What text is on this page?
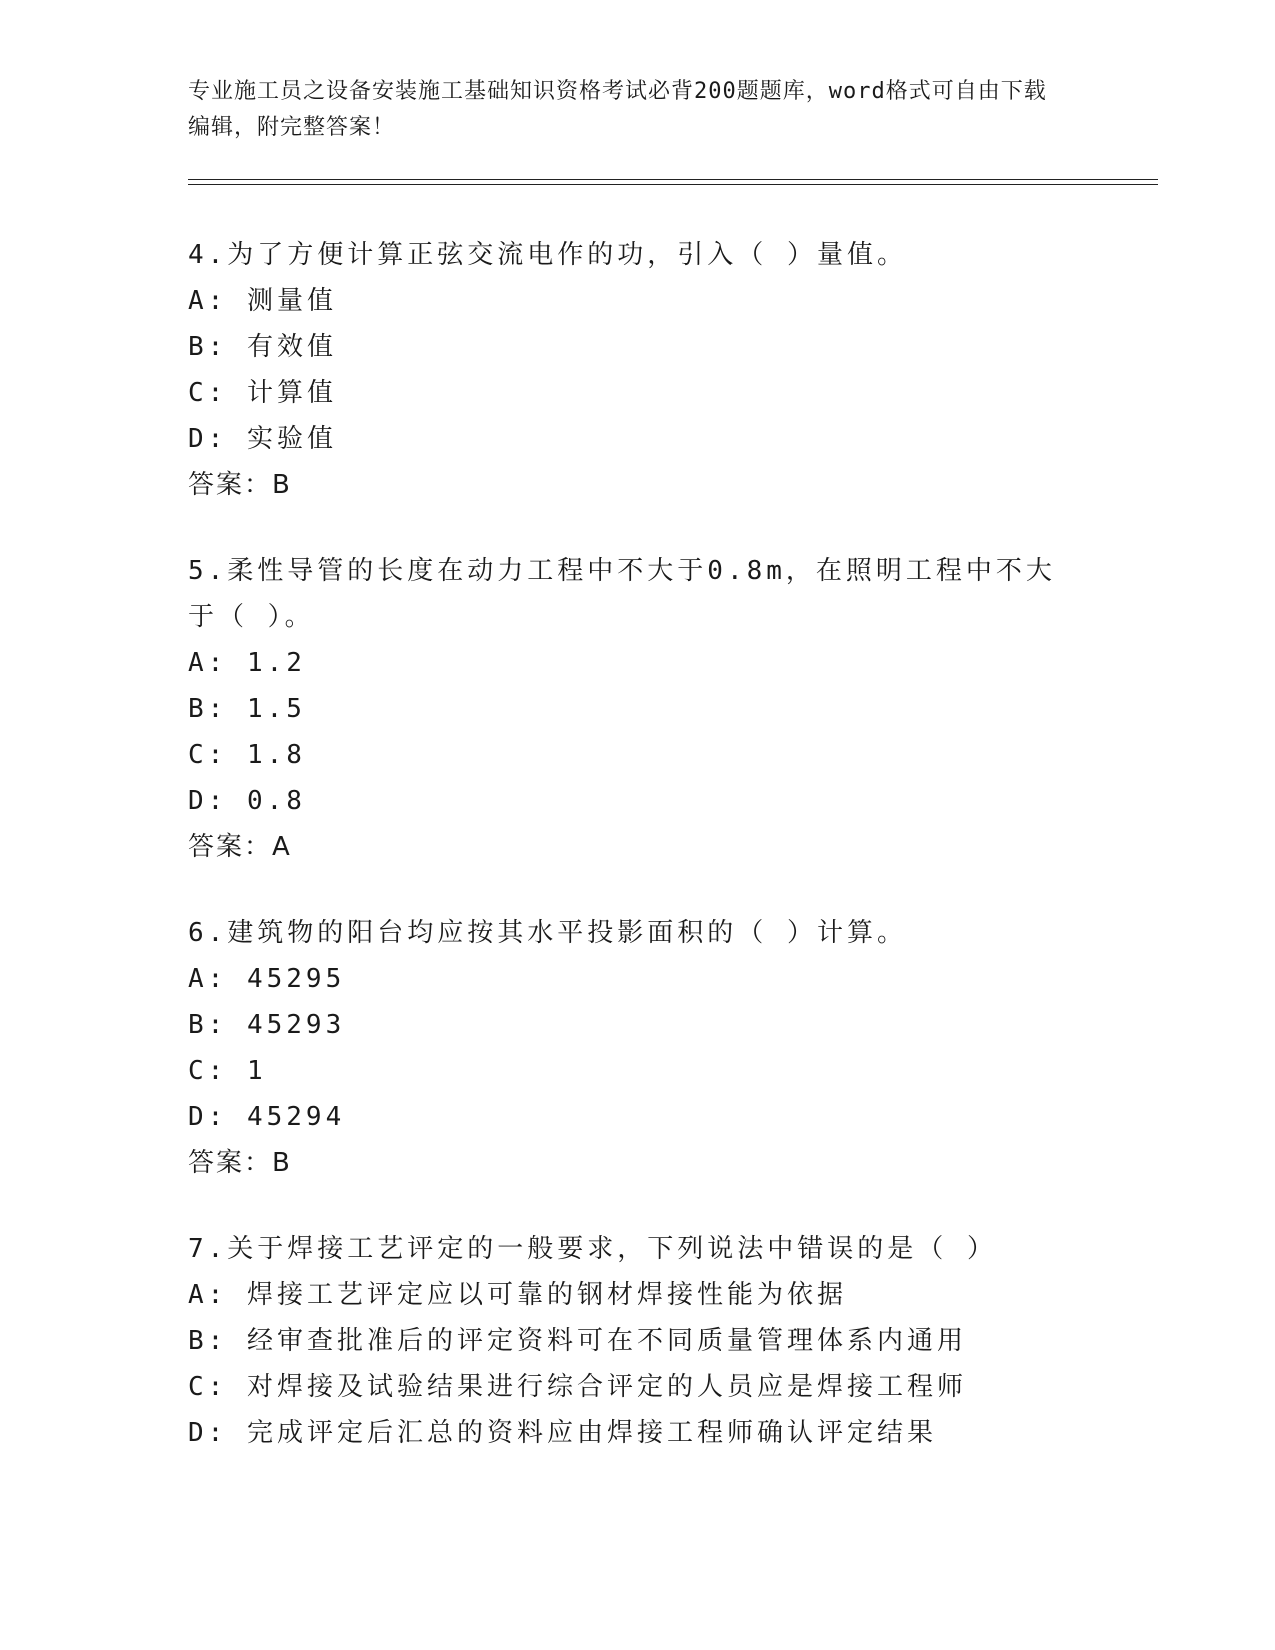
专业施工员之设备安装施工基础知识资格考试必背200题题库，word格式可自由下载编辑，附完整答案！
4.为了方便计算正弦交流电作的功，引入（ ）量值。
A: 测量值
B: 有效值
C: 计算值
D: 实验值
答案：B
5.柔性导管的长度在动力工程中不大于0.8m，在照明工程中不大于（ ）。
A: 1.2
B: 1.5
C: 1.8
D: 0.8
答案：A
6.建筑物的阳台均应按其水平投影面积的（ ）计算。
A: 45295
B: 45293
C: 1
D: 45294
答案：B
7.关于焊接工艺评定的一般要求，下列说法中错误的是（ ）
A: 焊接工艺评定应以可靠的钢材焊接性能为依据
B: 经审查批准后的评定资料可在不同质量管理体系内通用
C: 对焊接及试验结果进行综合评定的人员应是焊接工程师
D: 完成评定后汇总的资料应由焊接工程师确认评定结果
